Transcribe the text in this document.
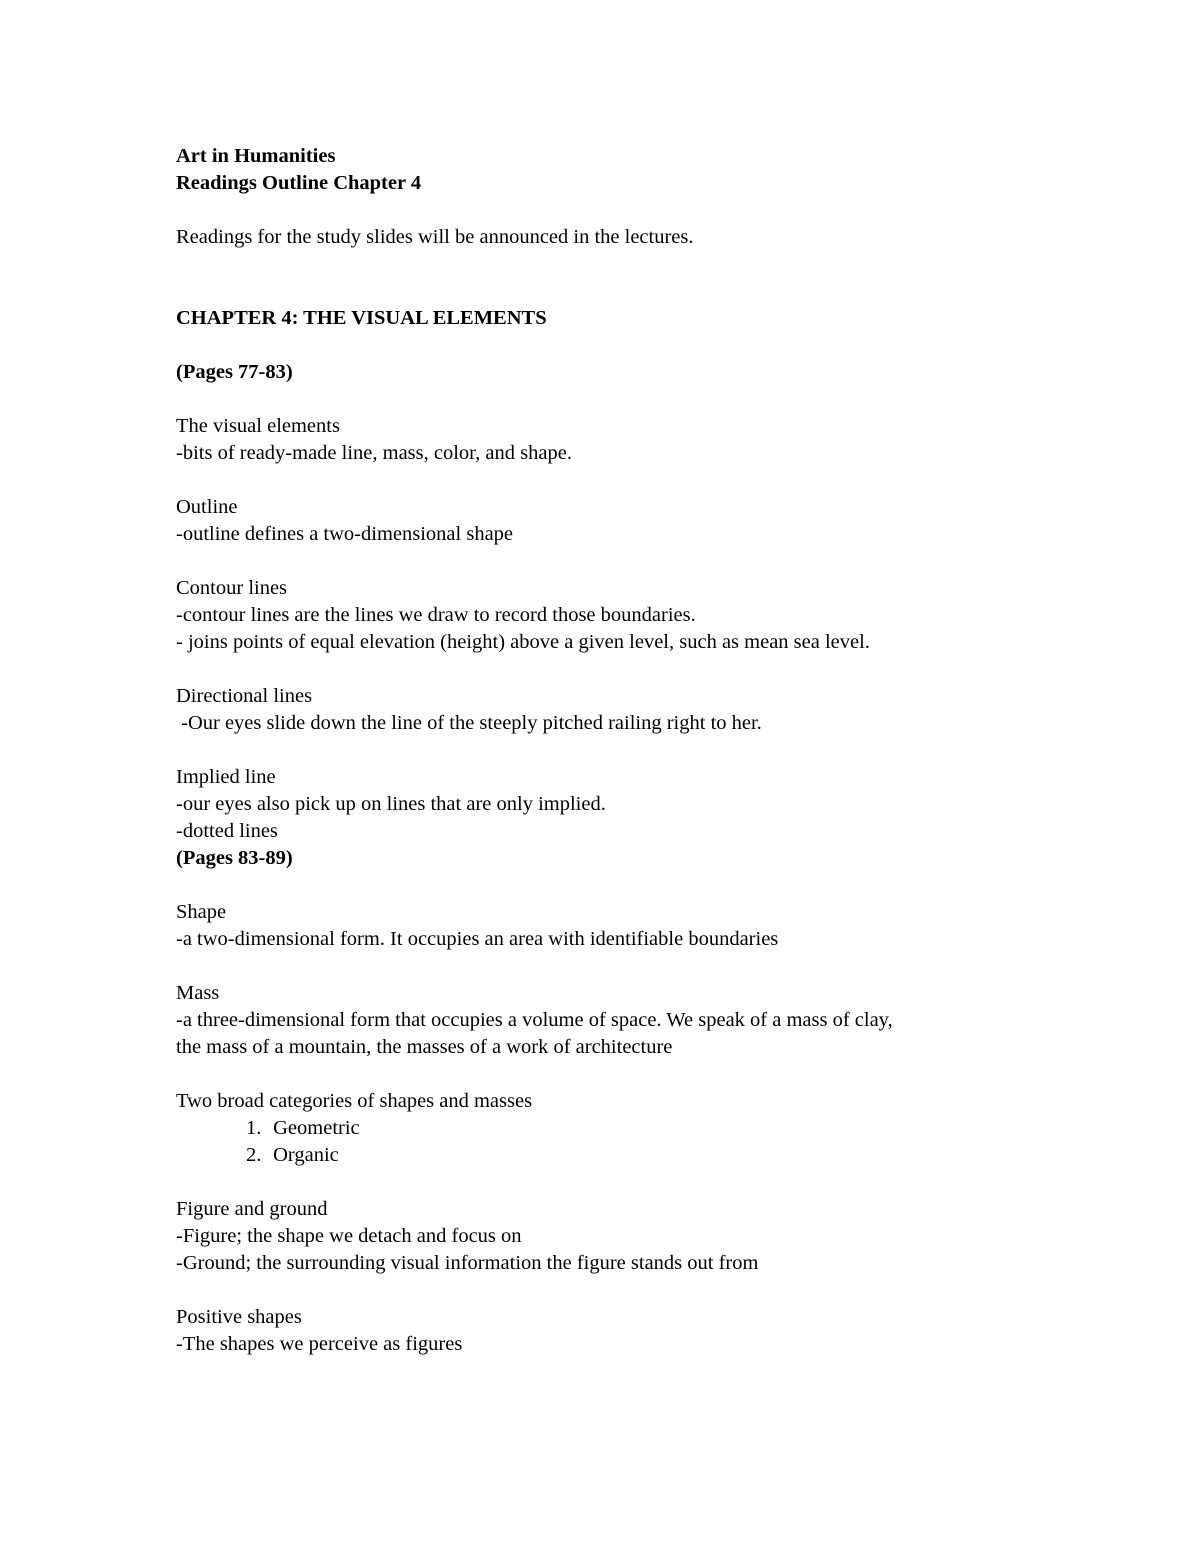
Art in Humanities
Readings Outline Chapter 4
Readings for the study slides will be announced in the lectures.
CHAPTER 4: THE VISUAL ELEMENTS
(Pages 77-83)
The visual elements
-bits of ready-made line, mass, color, and shape.
Outline
-outline defines a two-dimensional shape
Contour lines
-contour lines are the lines we draw to record those boundaries.
- joins points of equal elevation (height) above a given level, such as mean sea level.
Directional lines
-Our eyes slide down the line of the steeply pitched railing right to her.
Implied line
-our eyes also pick up on lines that are only implied.
-dotted lines
(Pages 83-89)
Shape
-a two-dimensional form. It occupies an area with identifiable boundaries
Mass
-a three-dimensional form that occupies a volume of space. We speak of a mass of clay,
the mass of a mountain, the masses of a work of architecture
Two broad categories of shapes and masses
1. Geometric
2. Organic
Figure and ground
-Figure; the shape we detach and focus on
-Ground; the surrounding visual information the figure stands out from
Positive shapes
-The shapes we perceive as figures
